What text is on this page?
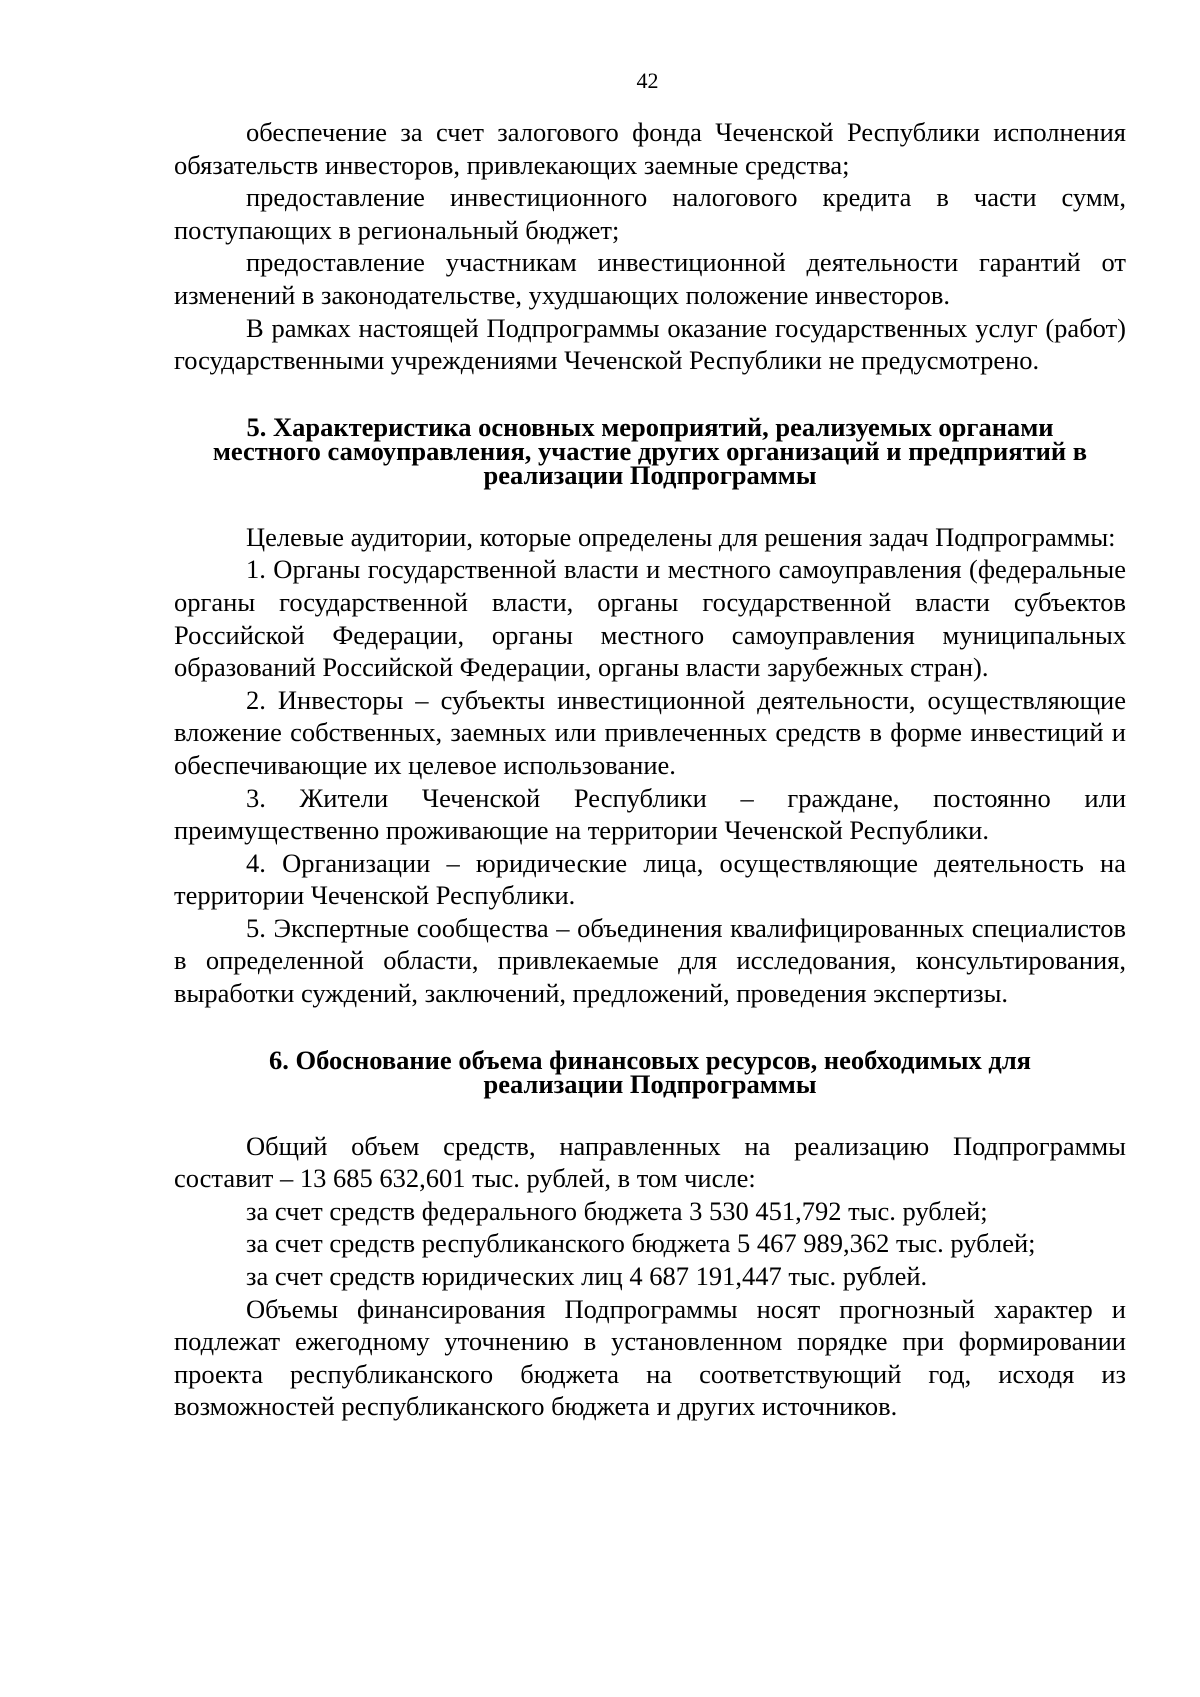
42

обеспечение за счет залогового фонда Чеченской Республики исполнения обязательств инвесторов, привлекающих заемные средства;

предоставление инвестиционного налогового кредита в части сумм, поступающих в региональный бюджет;

предоставление участникам инвестиционной деятельности гарантий от изменений в законодательстве, ухудшающих положение инвесторов.

В рамках настоящей Подпрограммы оказание государственных услуг (работ) государственными учреждениями Чеченской Республики не предусмотрено.

5. Характеристика основных мероприятий, реализуемых органами
местного самоуправления, участие других организаций и предприятий в
реализации Подпрограммы

Целевые аудитории, которые определены для решения задач Подпрограммы:

1. Органы государственной власти и местного самоуправления (федеральные органы государственной власти, органы государственной власти субъектов Российской Федерации, органы местного самоуправления муниципальных образований Российской Федерации, органы власти зарубежных стран).

2. Инвесторы – субъекты инвестиционной деятельности, осуществляющие вложение собственных, заемных или привлеченных средств в форме инвестиций и обеспечивающие их целевое использование.

3. Жители Чеченской Республики – граждане, постоянно или преимущественно проживающие на территории Чеченской Республики.

4. Организации – юридические лица, осуществляющие деятельность на территории Чеченской Республики.

5. Экспертные сообщества – объединения квалифицированных специалистов в определенной области, привлекаемые для исследования, консультирования, выработки суждений, заключений, предложений, проведения экспертизы.

6. Обоснование объема финансовых ресурсов, необходимых для
реализации Подпрограммы

Общий объем средств, направленных на реализацию Подпрограммы составит – 13 685 632,601 тыс. рублей, в том числе:

за счет средств федерального бюджета 3 530 451,792 тыс. рублей;

за счет средств республиканского бюджета 5 467 989,362 тыс. рублей;

за счет средств юридических лиц 4 687 191,447 тыс. рублей.

Объемы финансирования Подпрограммы носят прогнозный характер и подлежат ежегодному уточнению в установленном порядке при формировании проекта республиканского бюджета на соответствующий год, исходя из возможностей республиканского бюджета и других источников.
